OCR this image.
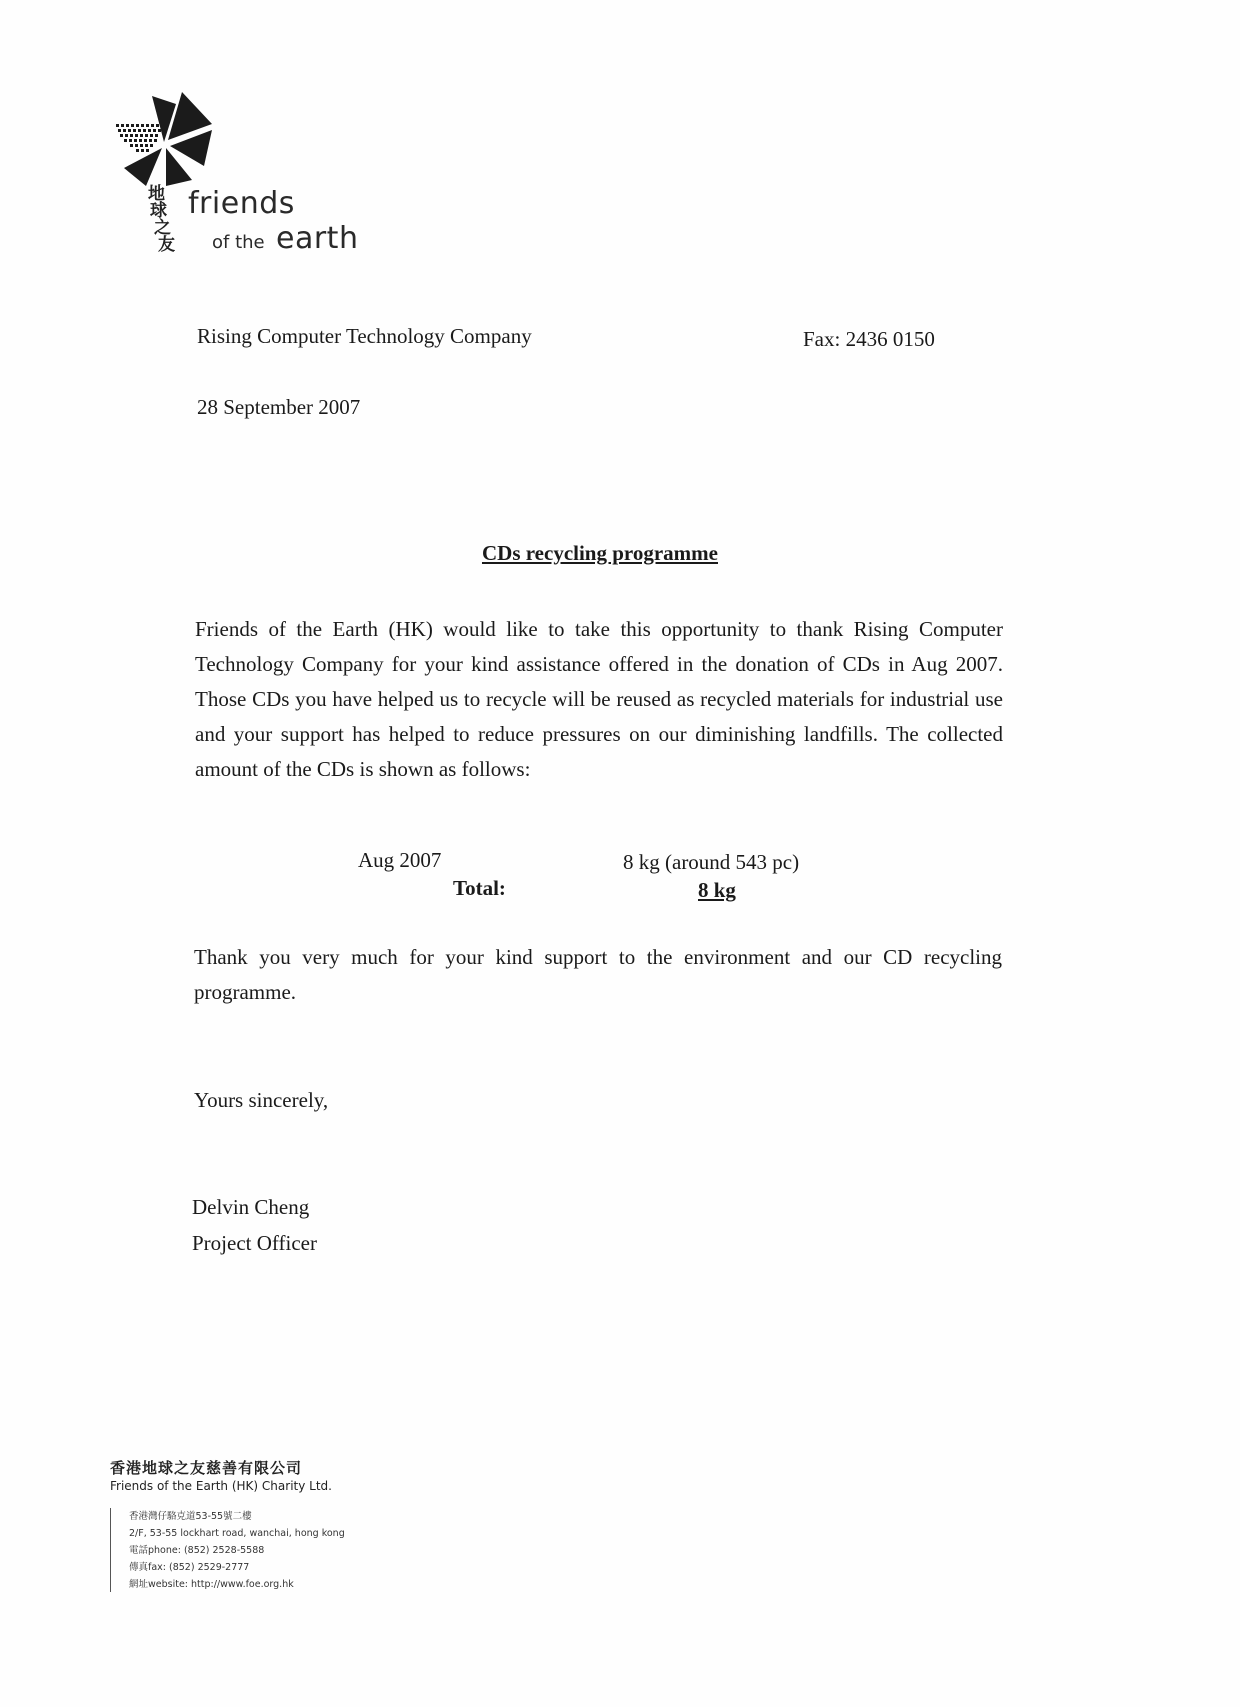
地
球
之
友
friends
of the earth
Rising Computer Technology Company	Fax: 2436 0150
28 September 2007
CDs recycling programme
Friends of the Earth (HK) would like to take this opportunity to thank Rising Computer Technology Company for your kind assistance offered in the donation of CDs in Aug 2007. Those CDs you have helped us to recycle will be reused as recycled materials for industrial use and your support has helped to reduce pressures on our diminishing landfills. The collected amount of the CDs is shown as follows:
Aug 2007	8 kg (around 543 pc)
Total:	8 kg
Thank you very much for your kind support to the environment and our CD recycling programme.
Yours sincerely,
Delvin Cheng
Project Officer
香港地球之友慈善有限公司
Friends of the Earth (HK) Charity Ltd.
香港灣仔駱克道53-55號二樓
2/F, 53-55 lockhart road, wanchai, hong kong
電話phone: (852) 2528-5588
傳真fax: (852) 2529-2777
網址website: http://www.foe.org.hk
